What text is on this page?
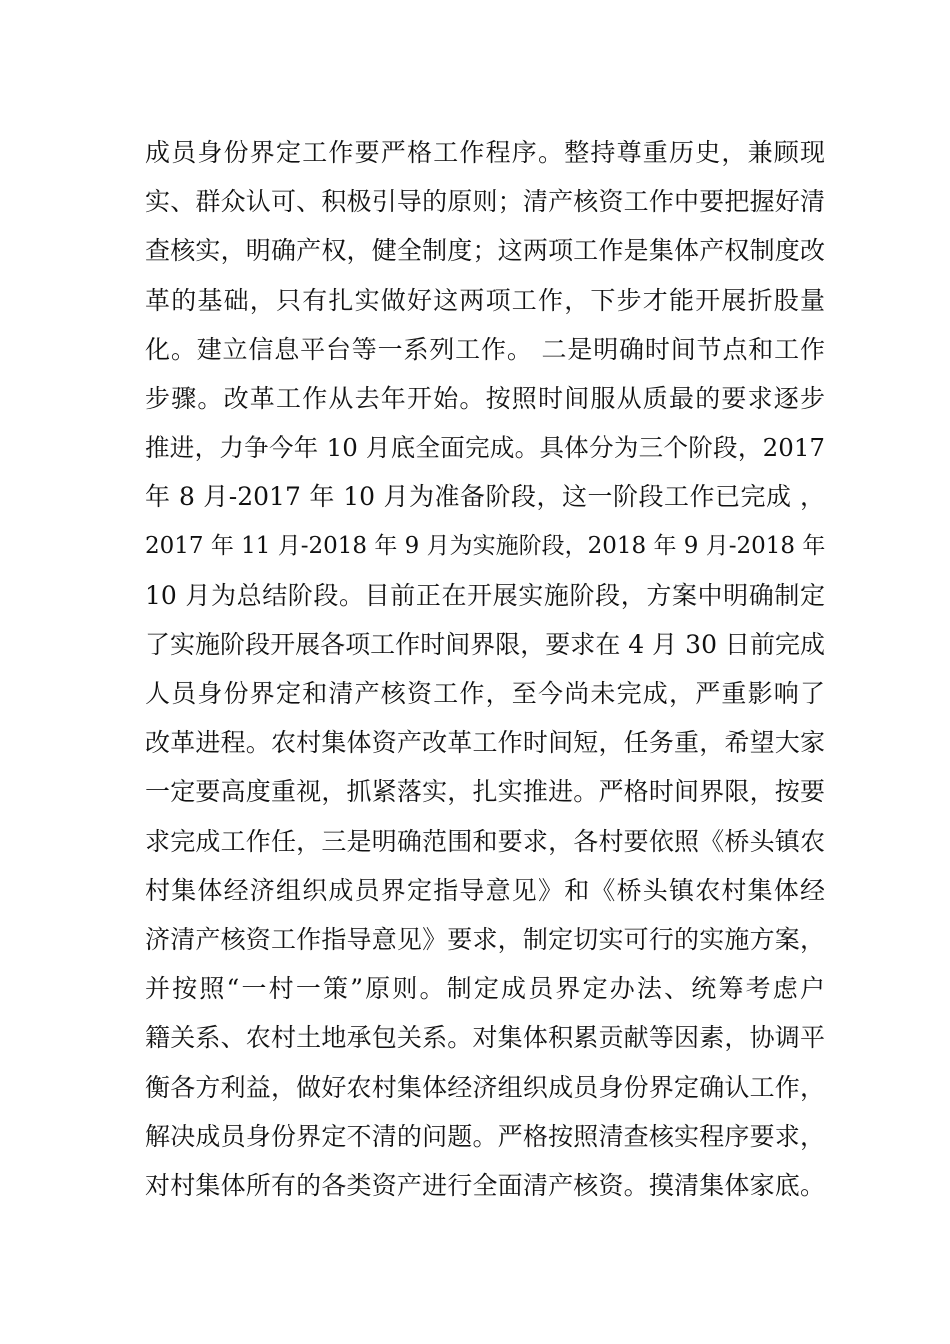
成员身份界定工作要严格工作程序。整持尊重历史，兼顾现
实、群众认可、积极引导的原则；清产核资工作中要把握好清
查核实，明确产权，健全制度；这两项工作是集体产权制度改
革的基础，只有扎实做好这两项工作，下步才能开展折股量
化。建立信息平台等一系列工作。 二是明确时间节点和工作
步骤。改革工作从去年开始。按照时间服从质最的要求逐步
推进，力争今年 10 月底全面完成。具体分为三个阶段，2017
年 8 月-2017 年 10 月为准备阶段，这一阶段工作已完成 ，
2017 年 11 月-2018 年 9 月为实施阶段，2018 年 9 月-2018 年
10 月为总结阶段。目前正在开展实施阶段，方案中明确制定
了实施阶段开展各项工作时间界限，要求在 4 月 30 日前完成
人员身份界定和清产核资工作，至今尚未完成，严重影响了
改革进程。农村集体资产改革工作时间短，任务重，希望大家
一定要高度重视，抓紧落实，扎实推进。严格时间界限，按要
求完成工作任，三是明确范围和要求，各村要依照《桥头镇农
村集体经济组织成员界定指导意见》和《桥头镇农村集体经
济清产核资工作指导意见》要求，制定切实可行的实施方案，
并按照“一村一策”原则。制定成员界定办法、统筹考虑户
籍关系、农村土地承包关系。对集体积累贡献等因素，协调平
衡各方利益，做好农村集体经济组织成员身份界定确认工作，
解决成员身份界定不清的问题。严格按照清查核实程序要求，
对村集体所有的各类资产进行全面清产核资。摸清集体家底。
